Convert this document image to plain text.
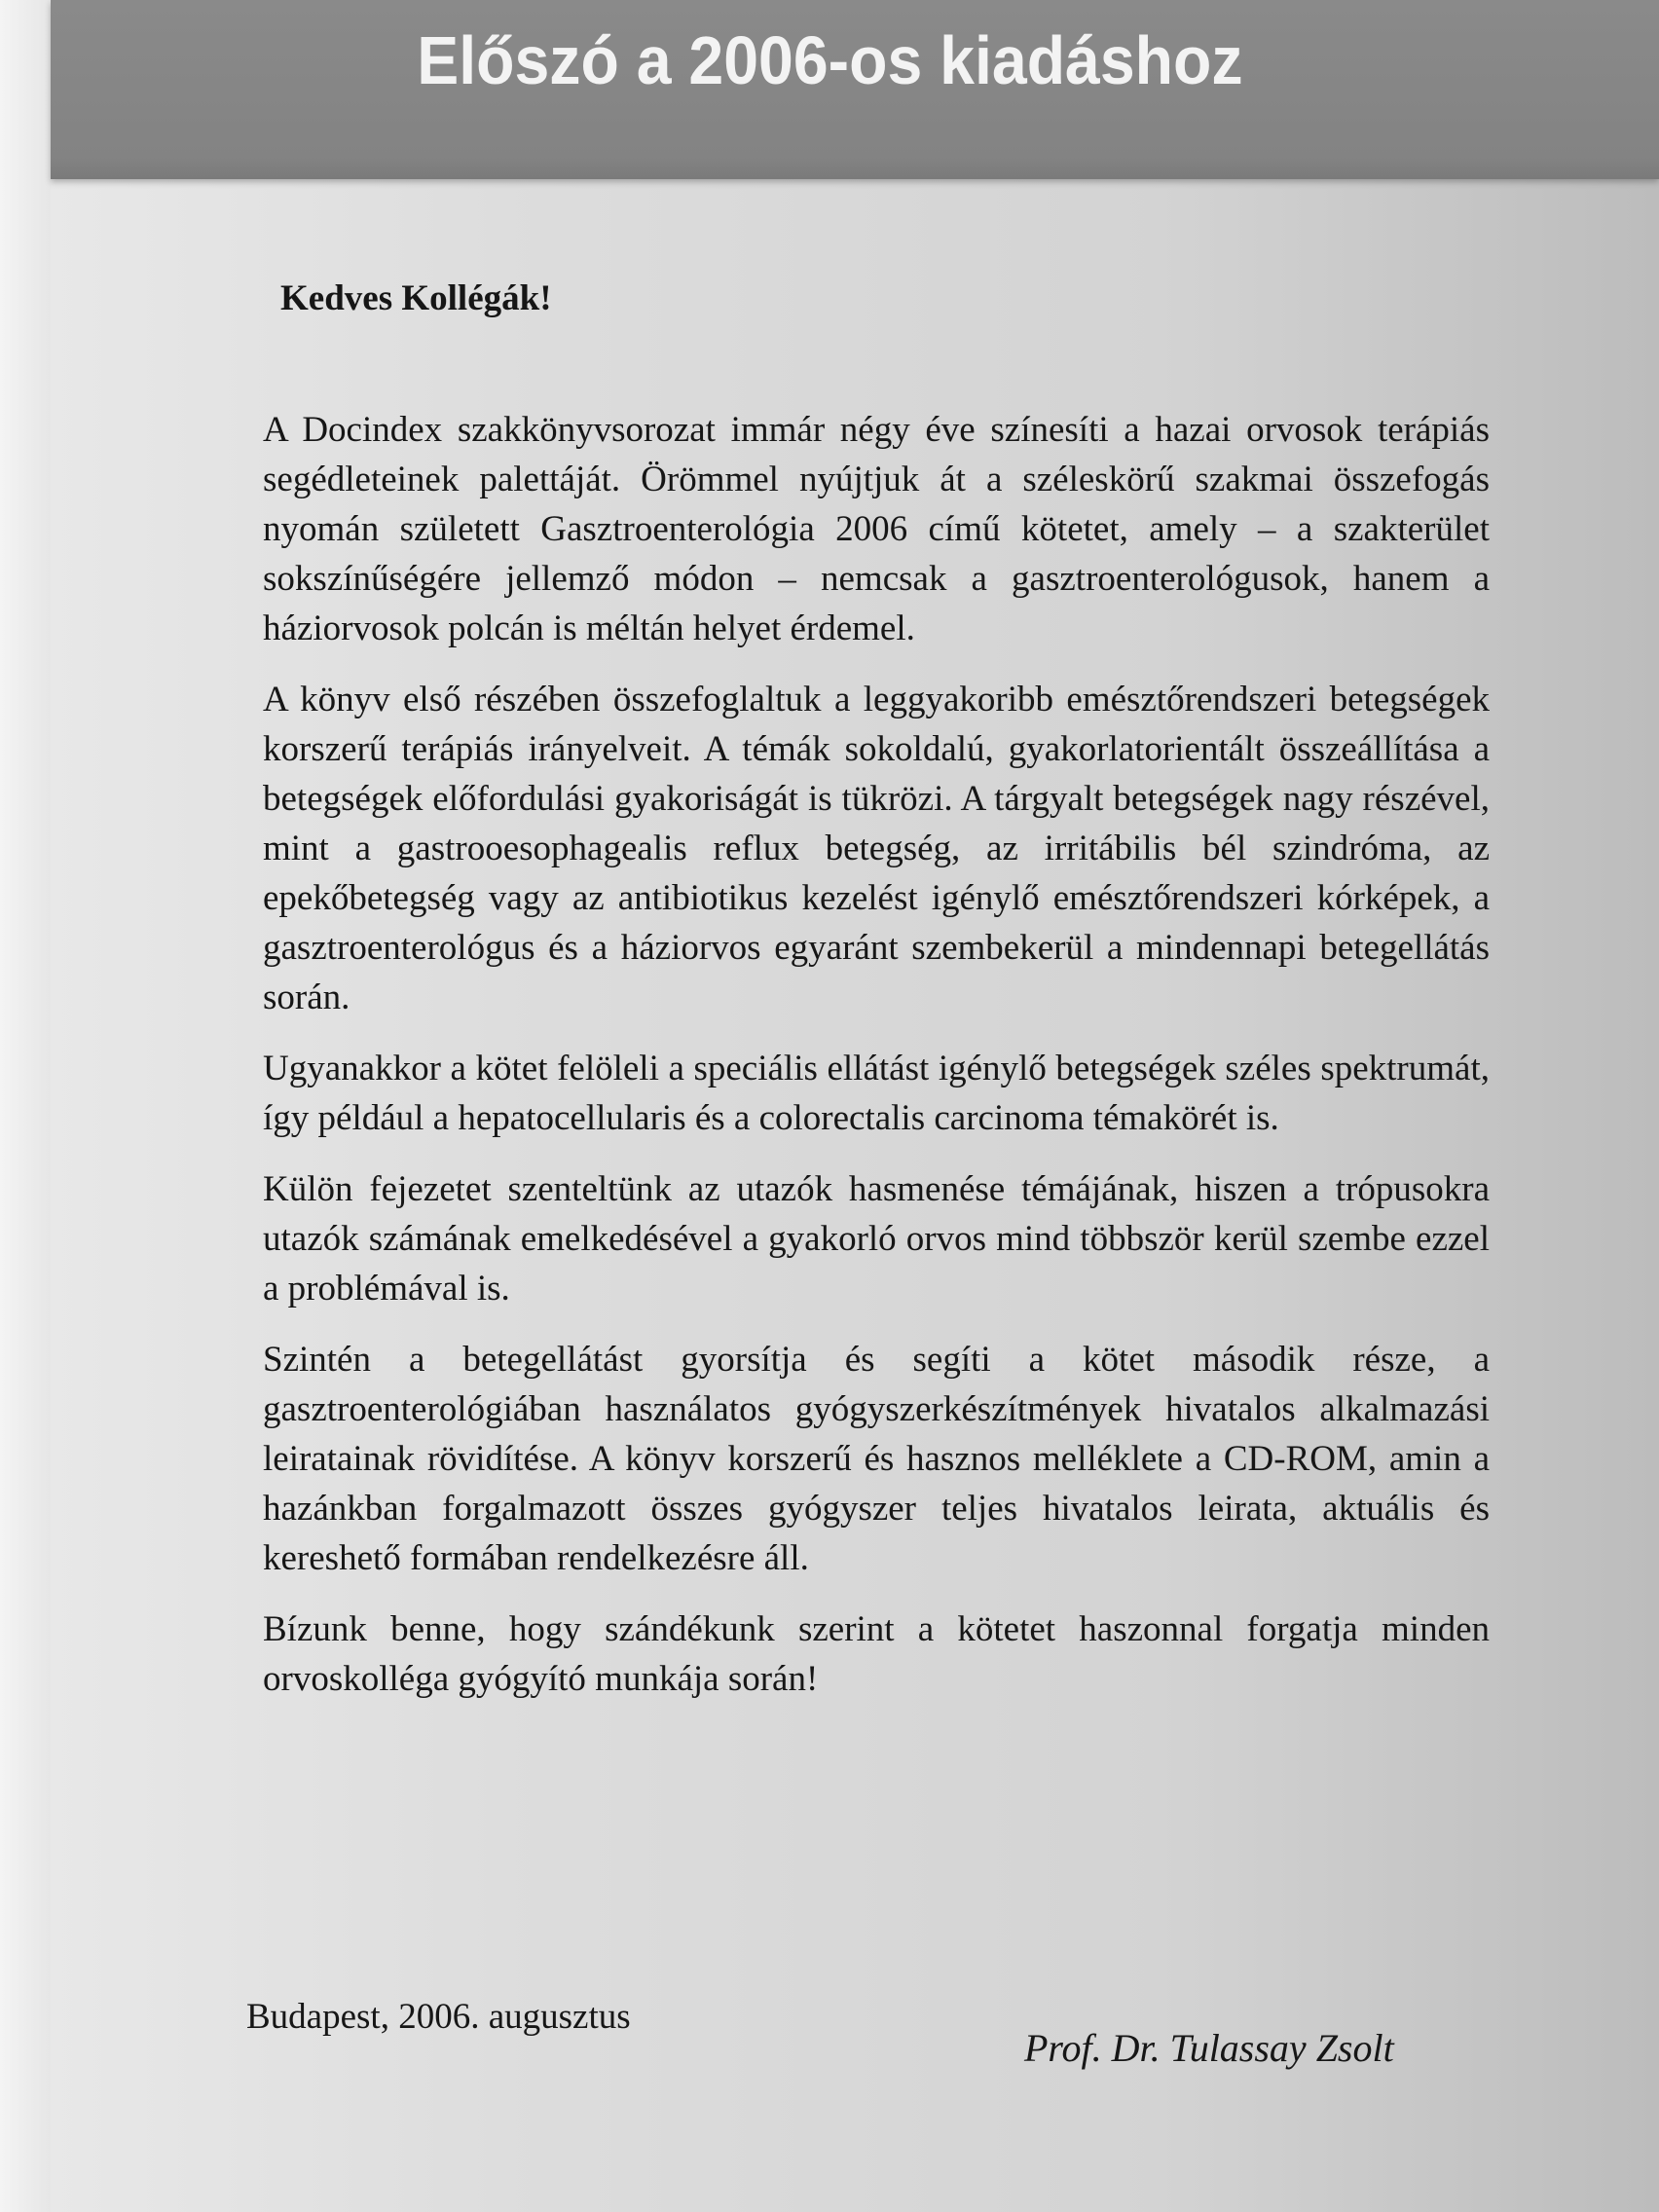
Előszó a 2006-os kiadáshoz
Kedves Kollégák!

A Docindex szakkönyvsorozat immár négy éve színesíti a hazai orvosok terápiás segédleteinek palettáját. Örömmel nyújtjuk át a széleskörű szakmai összefogás nyomán született Gasztroenterológia 2006 című kötetet, amely – a szakterület sokszínűségére jellemző módon – nemcsak a gasztroenterológusok, hanem a háziorvosok polcán is méltán helyet érdemel.

A könyv első részében összefoglaltuk a leggyakoribb emésztőrendszeri betegségek korszerű terápiás irányelveit. A témák sokoldalú, gyakorlatorientált összeállítása a betegségek előfordulási gyakoriságát is tükrözi. A tárgyalt betegségek nagy részével, mint a gastrooesophagealis reflux betegség, az irritábilis bél szindróma, az epekőbetegség vagy az antibiotikus kezelést igénylő emésztőrendszeri kórképek, a gasztroenterológus és a háziorvos egyaránt szembekerül a mindennapi betegellátás során.

Ugyanakkor a kötet felöleli a speciális ellátást igénylő betegségek széles spektrumát, így például a hepatocellularis és a colorectalis carcinoma témakörét is.

Külön fejezetet szenteltünk az utazók hasmenése témájának, hiszen a trópusokra utazók számának emelkedésével a gyakorló orvos mind többször kerül szembe ezzel a problémával is.

Szintén a betegellátást gyorsítja és segíti a kötet második része, a gasztroenterológiában használatos gyógyszerkészítmények hivatalos alkalmazási leiratainak rövidítése. A könyv korszerű és hasznos melléklete a CD-ROM, amin a hazánkban forgalmazott összes gyógyszer teljes hivatalos leirata, aktuális és kereshető formában rendelkezésre áll.

Bízunk benne, hogy szándékunk szerint a kötetet haszonnal forgatja minden orvoskolléga gyógyító munkája során!

Budapest, 2006. augusztus
Prof. Dr. Tulassay Zsolt
